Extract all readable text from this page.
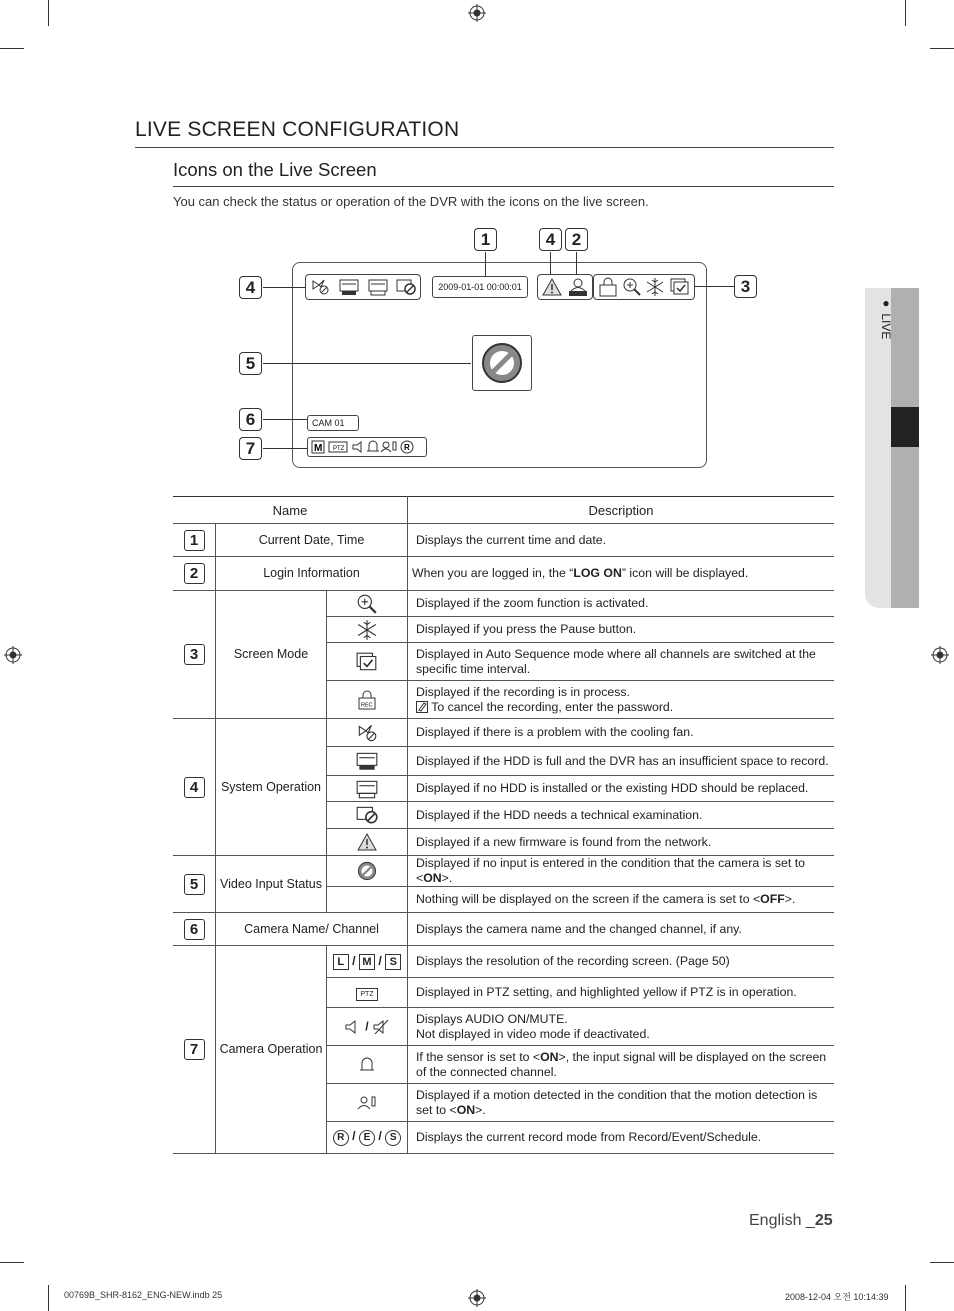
● LIVE
LIVE SCREEN CONFIGURATION
Icons on the Live Screen
You can check the status or operation of the DVR with the icons on the live screen.
1	4 2
3
4
5
6
7
2009-01-01 00:00:01
CAM 01
M PTZ	R
Name			Description
1	Current Date, Time		Displays the current time and date.
2	Login Information		When you are logged in, the “LOG ON” icon will be displayed.
3	Screen Mode		Displayed if the zoom function is activated.
	Displayed if you press the Pause button.
	Displayed in Auto Sequence mode where all channels are switched at the specific time interval.

REC	Displayed if the recording is in process.
To cancel the recording, enter the password.

4	System Operation		Displayed if there is a problem with the cooling fan.
	Displayed if the HDD is full and the DVR has an insufficient space to record.
	Displayed if no HDD is installed or the existing HDD should be replaced.
	Displayed if the HDD needs a technical examination.
	Displayed if a new firmware is found from the network.
5	Video Input Status		Displayed if no input is entered in the condition that the camera is set to <ON>.
			Nothing will be displayed on the screen if the camera is set to <OFF>.
6	Camera Name/ Channel		Displays the camera name and the changed channel, if any.
7	Camera Operation	L / M / S	Displays the resolution of the recording screen. (Page 50)
		PTZ	Displayed in PTZ setting, and highlighted yellow if PTZ is in operation.
		/	Displays AUDIO ON/MUTE.
Not displayed in video mode if deactivated.

	If the sensor is set to <ON>, the input signal will be displayed on the screen of the connected channel.
	Displayed if a motion detected in the condition that the motion detection is set to <ON>.
		R / E / S	Displays the current record mode from Record/Event/Schedule.
English _25
00769B_SHR-8162_ENG-NEW.indb 25	2008-12-04 오전 10:14:39
